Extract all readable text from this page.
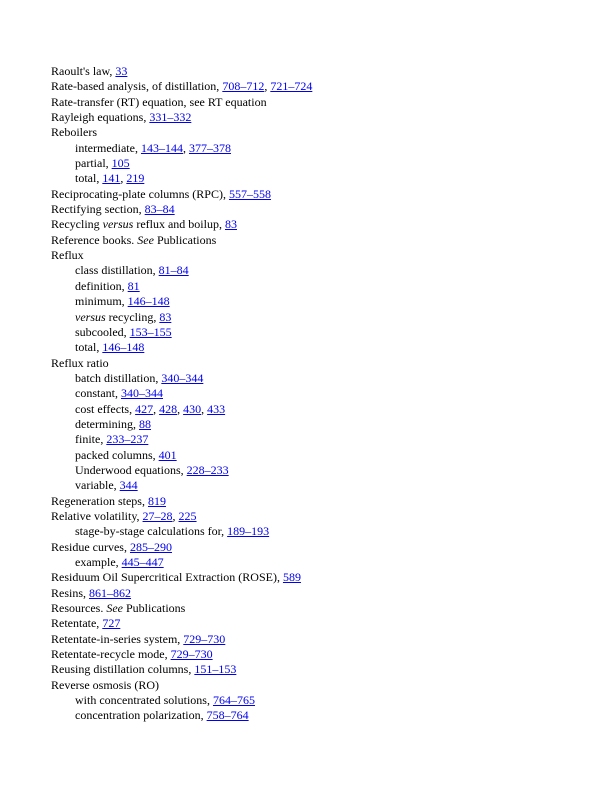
Raoult's law, 33
Rate-based analysis, of distillation, 708–712, 721–724
Rate-transfer (RT) equation, see RT equation
Rayleigh equations, 331–332
Reboilers
intermediate, 143–144, 377–378
partial, 105
total, 141, 219
Reciprocating-plate columns (RPC), 557–558
Rectifying section, 83–84
Recycling versus reflux and boilup, 83
Reference books. See Publications
Reflux
class distillation, 81–84
definition, 81
minimum, 146–148
versus recycling, 83
subcooled, 153–155
total, 146–148
Reflux ratio
batch distillation, 340–344
constant, 340–344
cost effects, 427, 428, 430, 433
determining, 88
finite, 233–237
packed columns, 401
Underwood equations, 228–233
variable, 344
Regeneration steps, 819
Relative volatility, 27–28, 225
stage-by-stage calculations for, 189–193
Residue curves, 285–290
example, 445–447
Residuum Oil Supercritical Extraction (ROSE), 589
Resins, 861–862
Resources. See Publications
Retentate, 727
Retentate-in-series system, 729–730
Retentate-recycle mode, 729–730
Reusing distillation columns, 151–153
Reverse osmosis (RO)
with concentrated solutions, 764–765
concentration polarization, 758–764
